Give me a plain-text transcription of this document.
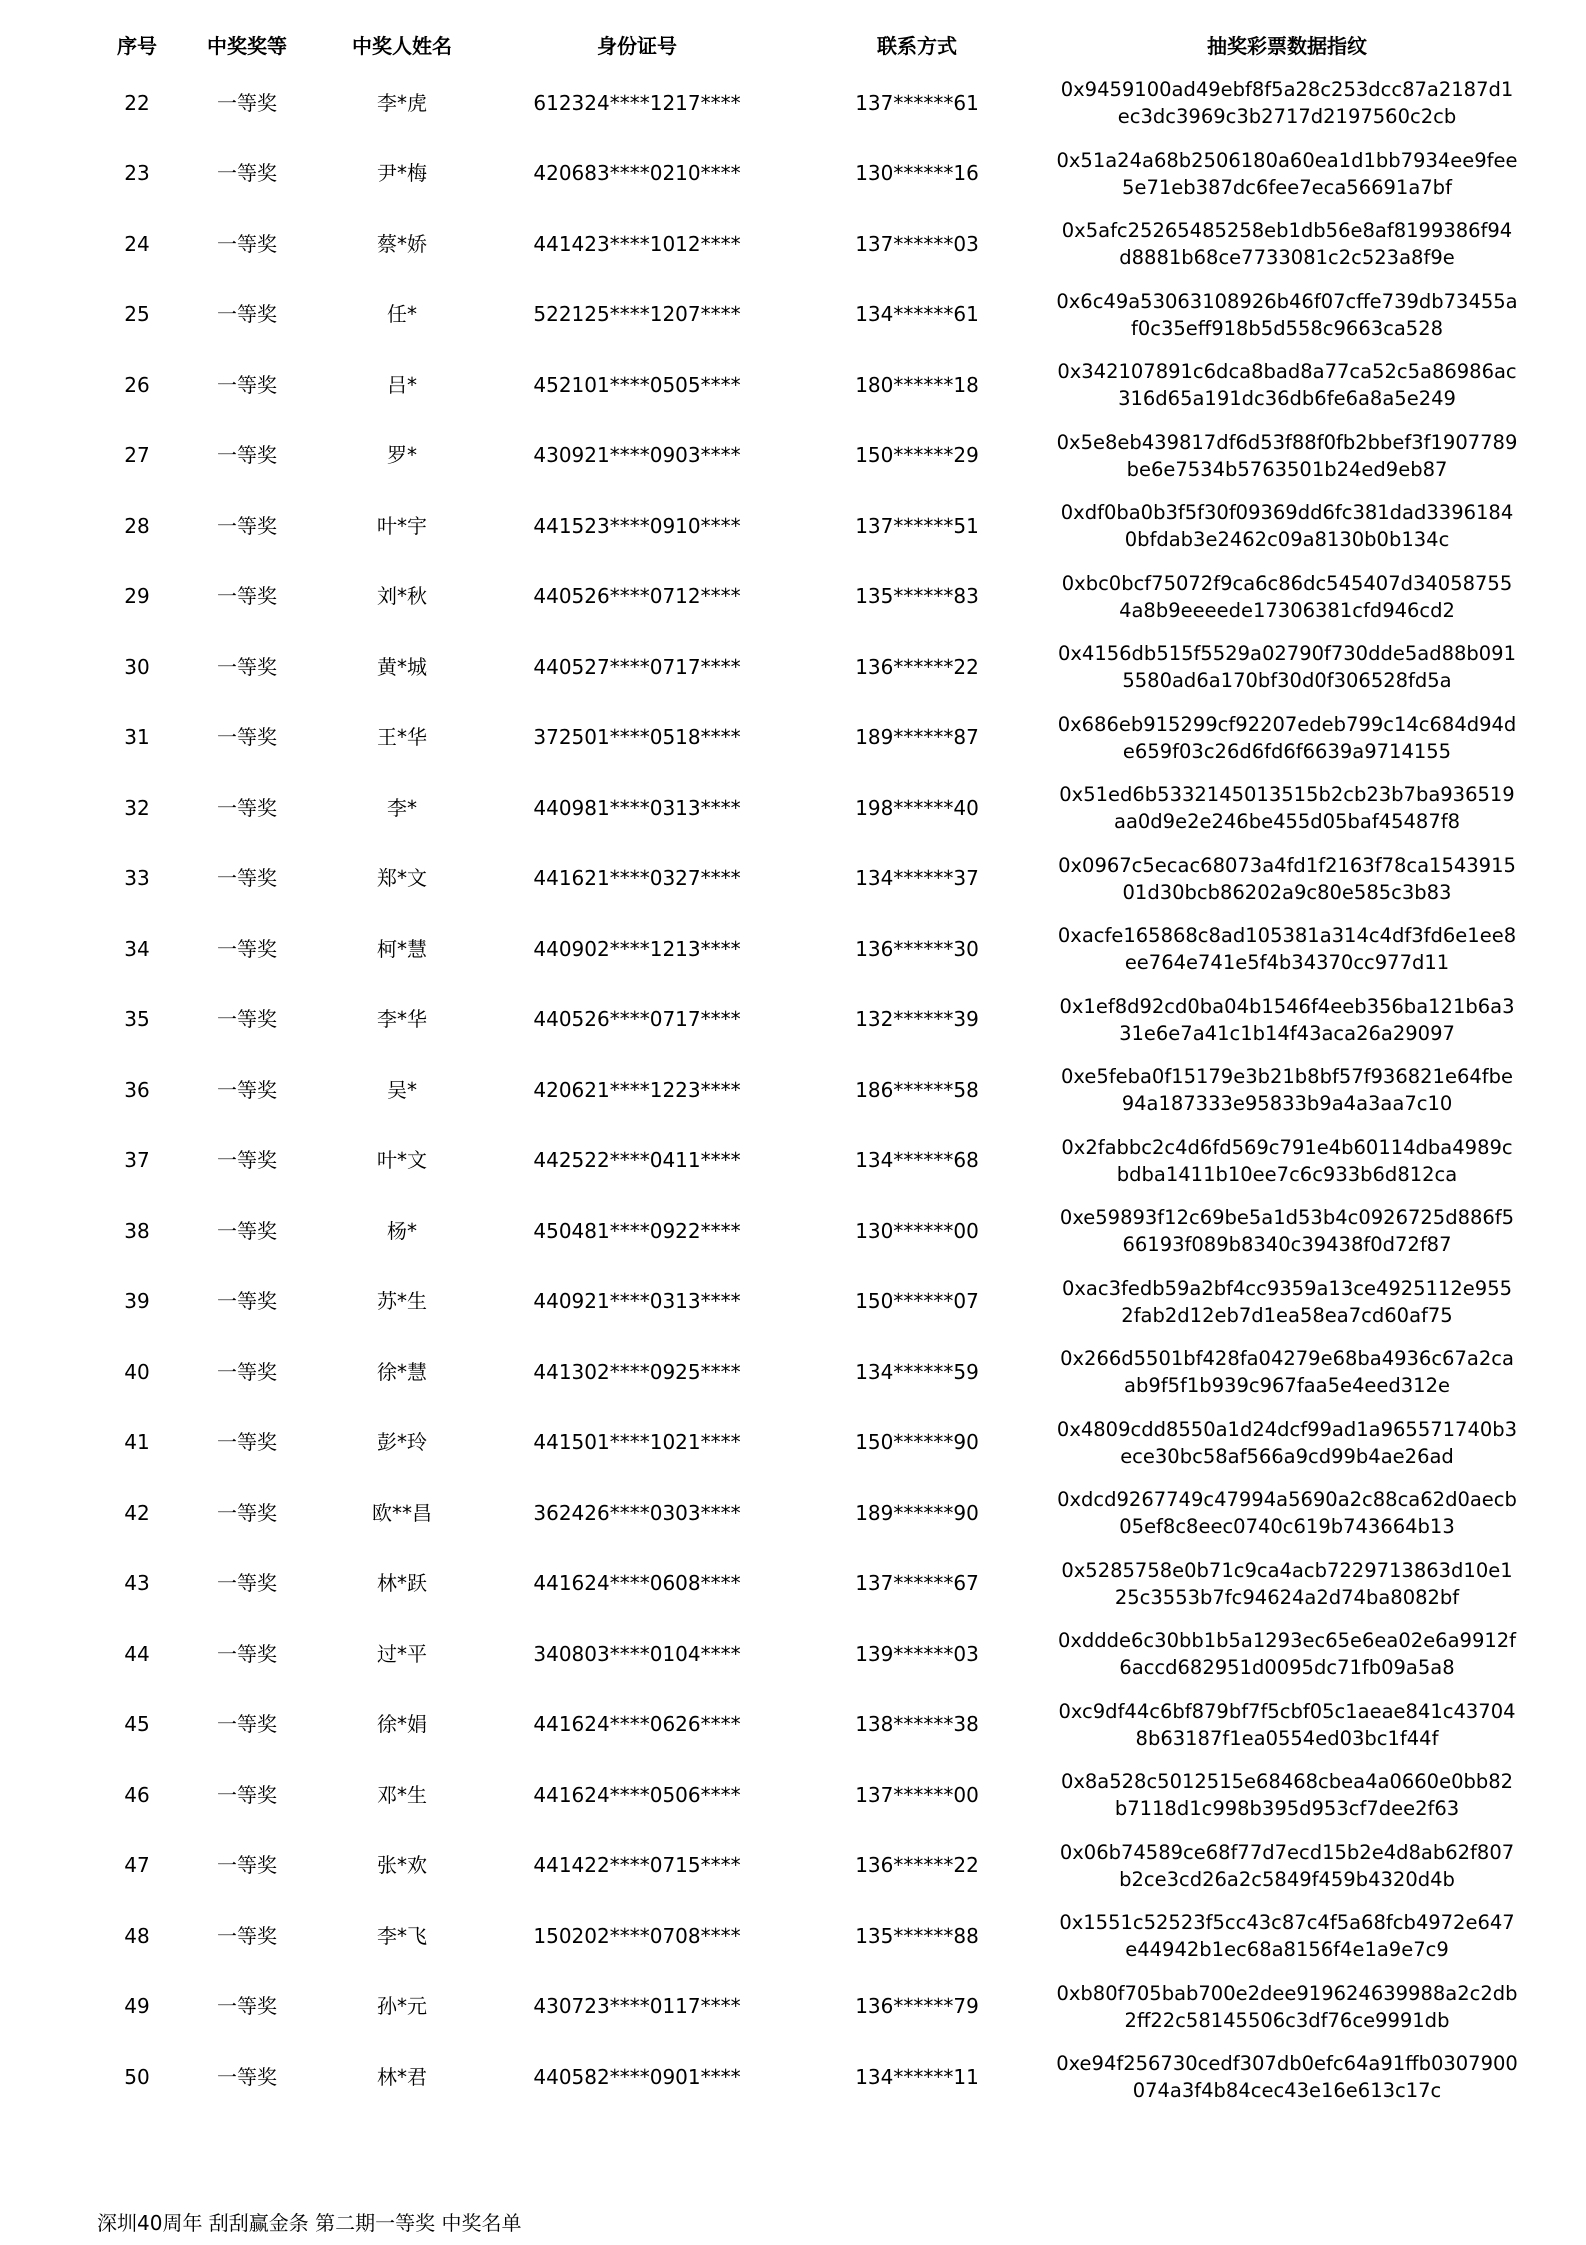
序号	中奖奖等	中奖人姓名	身份证号	联系方式	抽奖彩票数据指纹
22	一等奖	李*虎	612324****1217****	137******61	0x9459100ad49ebf8f5a28c253dcc87a2187d1ec3dc3969c3b2717d2197560c2cb
23	一等奖	尹*梅	420683****0210****	130******16	0x51a24a68b2506180a60ea1d1bb7934ee9fee5e71eb387dc6fee7eca56691a7bf
24	一等奖	蔡*娇	441423****1012****	137******03	0x5afc25265485258eb1db56e8af8199386f94d8881b68ce7733081c2c523a8f9e
25	一等奖	任*	522125****1207****	134******61	0x6c49a53063108926b46f07cffe739db73455af0c35eff918b5d558c9663ca528
26	一等奖	吕*	452101****0505****	180******18	0x342107891c6dca8bad8a77ca52c5a86986ac316d65a191dc36db6fe6a8a5e249
27	一等奖	罗*	430921****0903****	150******29	0x5e8eb439817df6d53f88f0fb2bbef3f1907789be6e7534b5763501b24ed9eb87
28	一等奖	叶*宇	441523****0910****	137******51	0xdf0ba0b3f5f30f09369dd6fc381dad33961840bfdab3e2462c09a8130b0b134c
29	一等奖	刘*秋	440526****0712****	135******83	0xbc0bcf75072f9ca6c86dc545407d340587554a8b9eeeede17306381cfd946cd2
30	一等奖	黄*城	440527****0717****	136******22	0x4156db515f5529a02790f730dde5ad88b0915580ad6a170bf30d0f306528fd5a
31	一等奖	王*华	372501****0518****	189******87	0x686eb915299cf92207edeb799c14c684d94de659f03c26d6fd6f6639a9714155
32	一等奖	李*	440981****0313****	198******40	0x51ed6b5332145013515b2cb23b7ba936519aa0d9e2e246be455d05baf45487f8
33	一等奖	郑*文	441621****0327****	134******37	0x0967c5ecac68073a4fd1f2163f78ca154391501d30bcb86202a9c80e585c3b83
34	一等奖	柯*慧	440902****1213****	136******30	0xacfe165868c8ad105381a314c4df3fd6e1ee8ee764e741e5f4b34370cc977d11
35	一等奖	李*华	440526****0717****	132******39	0x1ef8d92cd0ba04b1546f4eeb356ba121b6a331e6e7a41c1b14f43aca26a29097
36	一等奖	吴*	420621****1223****	186******58	0xe5feba0f15179e3b21b8bf57f936821e64fbe94a187333e95833b9a4a3aa7c10
37	一等奖	叶*文	442522****0411****	134******68	0x2fabbc2c4d6fd569c791e4b60114dba4989cbdba1411b10ee7c6c933b6d812ca
38	一等奖	杨*	450481****0922****	130******00	0xe59893f12c69be5a1d53b4c0926725d886f566193f089b8340c39438f0d72f87
39	一等奖	苏*生	440921****0313****	150******07	0xac3fedb59a2bf4cc9359a13ce4925112e9552fab2d12eb7d1ea58ea7cd60af75
40	一等奖	徐*慧	441302****0925****	134******59	0x266d5501bf428fa04279e68ba4936c67a2caab9f5f1b939c967faa5e4eed312e
41	一等奖	彭*玲	441501****1021****	150******90	0x4809cdd8550a1d24dcf99ad1a965571740b3ece30bc58af566a9cd99b4ae26ad
42	一等奖	欧**昌	362426****0303****	189******90	0xdcd9267749c47994a5690a2c88ca62d0aecb05ef8c8eec0740c619b743664b13
43	一等奖	林*跃	441624****0608****	137******67	0x5285758e0b71c9ca4acb7229713863d10e125c3553b7fc94624a2d74ba8082bf
44	一等奖	过*平	340803****0104****	139******03	0xddde6c30bb1b5a1293ec65e6ea02e6a9912f6accd682951d0095dc71fb09a5a8
45	一等奖	徐*娟	441624****0626****	138******38	0xc9df44c6bf879bf7f5cbf05c1aeae841c437048b63187f1ea0554ed03bc1f44f
46	一等奖	邓*生	441624****0506****	137******00	0x8a528c5012515e68468cbea4a0660e0bb82b7118d1c998b395d953cf7dee2f63
47	一等奖	张*欢	441422****0715****	136******22	0x06b74589ce68f77d7ecd15b2e4d8ab62f807b2ce3cd26a2c5849f459b4320d4b
48	一等奖	李*飞	150202****0708****	135******88	0x1551c52523f5cc43c87c4f5a68fcb4972e647e44942b1ec68a8156f4e1a9e7c9
49	一等奖	孙*元	430723****0117****	136******79	0xb80f705bab700e2dee919624639988a2c2db2ff22c58145506c3df76ce9991db
50	一等奖	林*君	440582****0901****	134******11	0xe94f256730cedf307db0efc64a91ffb0307900074a3f4b84cec43e16e613c17c
深圳40周年 刮刮赢金条 第二期一等奖 中奖名单
